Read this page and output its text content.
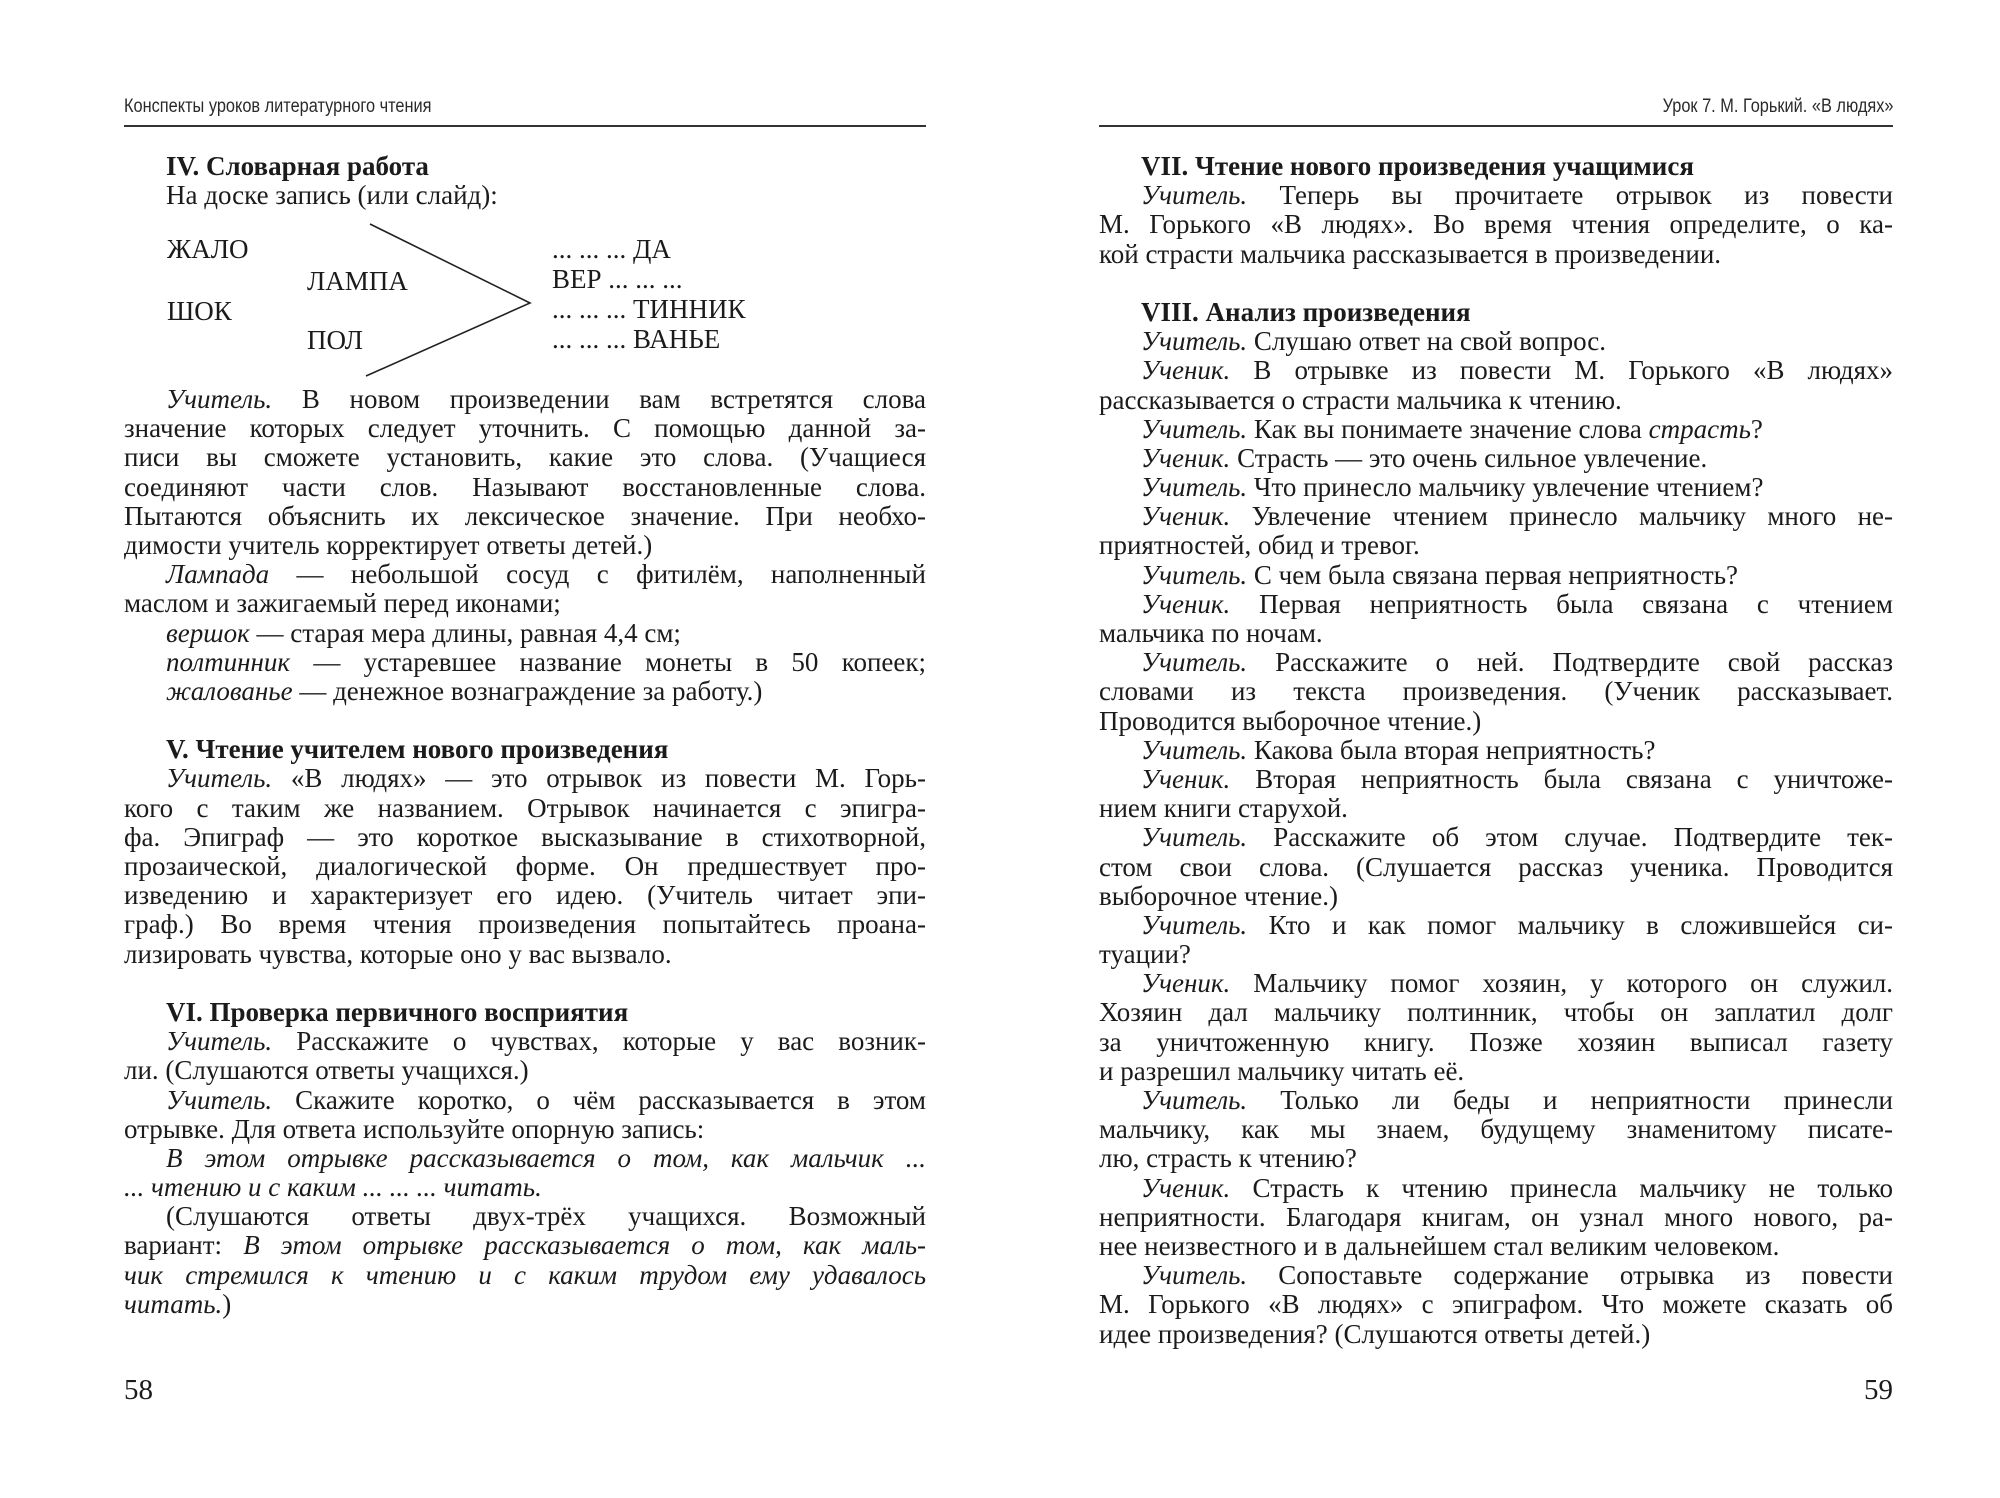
Конспекты уроков литературного чтения
IV. Словарная работа
На доске запись (или слайд):
ЖАЛО
ШОК
ЛАМПА
ПОЛ
... ... ... ДА
ВЕР ... ... ...
... ... ... ТИННИК
... ... ... ВАНЬЕ
Учитель. В новом произведении вам встретятся слова
значение которых следует уточнить. С помощью данной за-
писи вы сможете установить, какие это слова. (Учащиеся
соединяют части слов. Называют восстановленные слова.
Пытаются объяснить их лексическое значение. При необхо-
димости учитель корректирует ответы детей.)
Лампада — небольшой сосуд с фитилём, наполненный
маслом и зажигаемый перед иконами;
вершок — старая мера длины, равная 4,4 см;
полтинник — устаревшее название монеты в 50 копеек;
жалованье — денежное вознаграждение за работу.)
V. Чтение учителем нового произведения
Учитель. «В людях» — это отрывок из повести М. Горь-
кого с таким же названием. Отрывок начинается с эпигра-
фа. Эпиграф — это короткое высказывание в стихотворной,
прозаической, диалогической форме. Он предшествует про-
изведению и характеризует его идею. (Учитель читает эпи-
граф.) Во время чтения произведения попытайтесь проана-
лизировать чувства, которые оно у вас вызвало.
VI. Проверка первичного восприятия
Учитель. Расскажите о чувствах, которые у вас возник-
ли. (Слушаются ответы учащихся.)
Учитель. Скажите коротко, о чём рассказывается в этом
отрывке. Для ответа используйте опорную запись:
В этом отрывке рассказывается о том, как мальчик ...
... чтению и с каким ... ... ... читать.
(Слушаются ответы двух-трёх учащихся. Возможный
вариант: В этом отрывке рассказывается о том, как маль-
чик стремился к чтению и с каким трудом ему удавалось
читать.)
58
Урок 7. М. Горький. «В людях»
VII. Чтение нового произведения учащимися
Учитель. Теперь вы прочитаете отрывок из повести
М. Горького «В людях». Во время чтения определите, о ка-
кой страсти мальчика рассказывается в произведении.
VIII. Анализ произведения
Учитель. Слушаю ответ на свой вопрос.
Ученик. В отрывке из повести М. Горького «В людях»
рассказывается о страсти мальчика к чтению.
Учитель. Как вы понимаете значение слова страсть?
Ученик. Страсть — это очень сильное увлечение.
Учитель. Что принесло мальчику увлечение чтением?
Ученик. Увлечение чтением принесло мальчику много не-
приятностей, обид и тревог.
Учитель. С чем была связана первая неприятность?
Ученик. Первая неприятность была связана с чтением
мальчика по ночам.
Учитель. Расскажите о ней. Подтвердите свой рассказ
словами из текста произведения. (Ученик рассказывает.
Проводится выборочное чтение.)
Учитель. Какова была вторая неприятность?
Ученик. Вторая неприятность была связана с уничтоже-
нием книги старухой.
Учитель. Расскажите об этом случае. Подтвердите тек-
стом свои слова. (Слушается рассказ ученика. Проводится
выборочное чтение.)
Учитель. Кто и как помог мальчику в сложившейся си-
туации?
Ученик. Мальчику помог хозяин, у которого он служил.
Хозяин дал мальчику полтинник, чтобы он заплатил долг
за уничтоженную книгу. Позже хозяин выписал газету
и разрешил мальчику читать её.
Учитель. Только ли беды и неприятности принесли
мальчику, как мы знаем, будущему знаменитому писате-
лю, страсть к чтению?
Ученик. Страсть к чтению принесла мальчику не только
неприятности. Благодаря книгам, он узнал много нового, ра-
нее неизвестного и в дальнейшем стал великим человеком.
Учитель. Сопоставьте содержание отрывка из повести
М. Горького «В людях» с эпиграфом. Что можете сказать об
идее произведения? (Слушаются ответы детей.)
59
